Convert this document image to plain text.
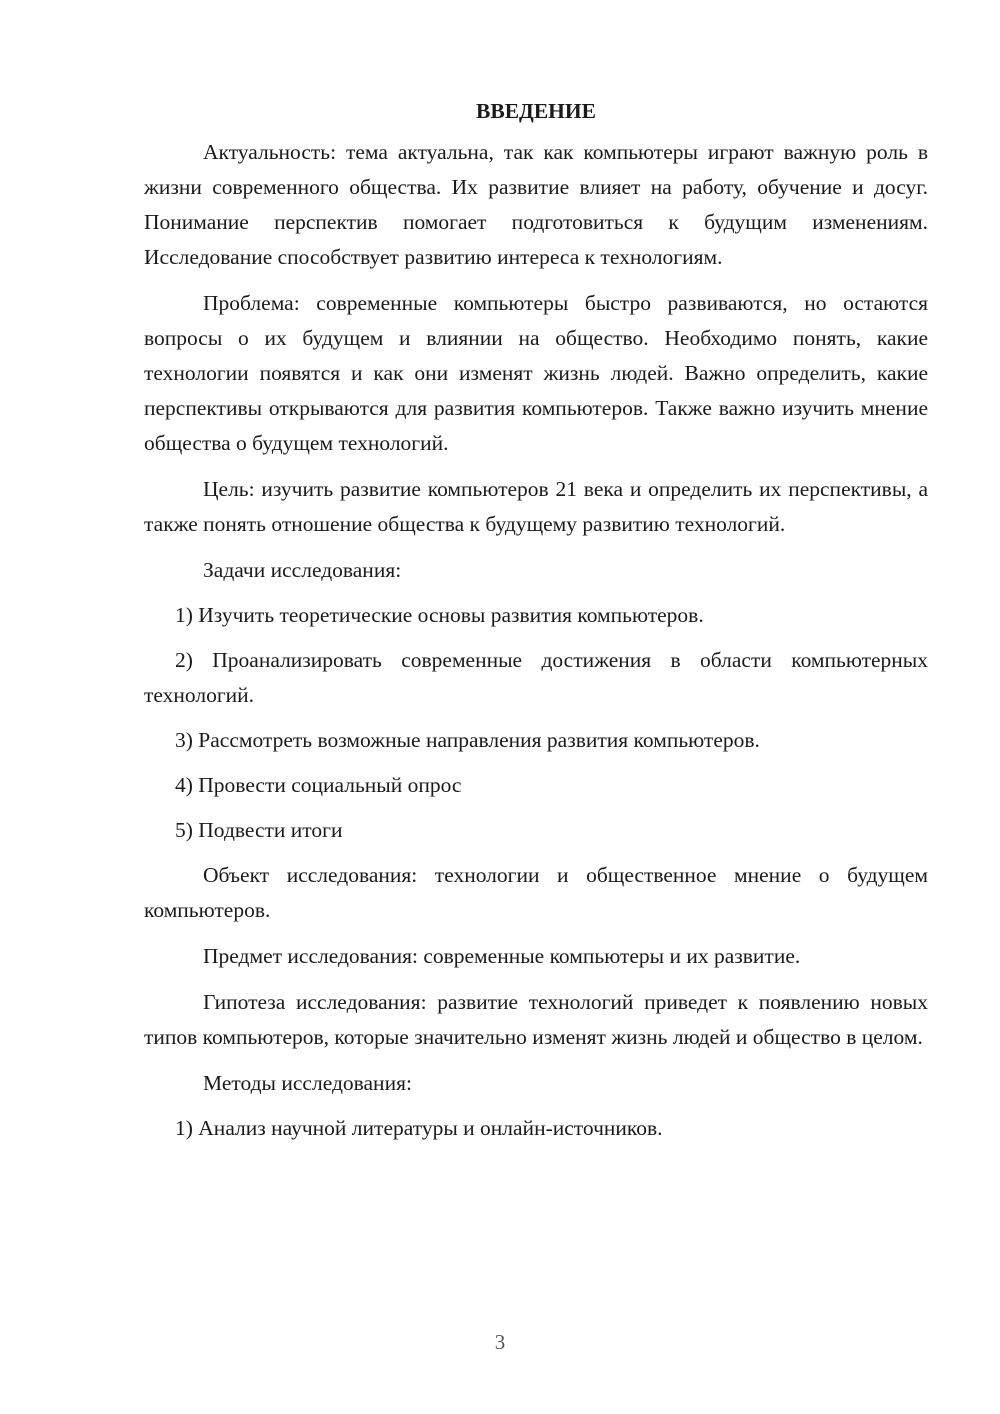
ВВЕДЕНИЕ

Актуальность: тема актуальна, так как компьютеры играют важную роль в жизни современного общества. Их развитие влияет на работу, обучение и досуг. Понимание перспектив помогает подготовиться к будущим изменениям. Исследование способствует развитию интереса к технологиям.

Проблема: современные компьютеры быстро развиваются, но остаются вопросы о их будущем и влиянии на общество. Необходимо понять, какие технологии появятся и как они изменят жизнь людей. Важно определить, какие перспективы открываются для развития компьютеров. Также важно изучить мнение общества о будущем технологий.

Цель: изучить развитие компьютеров 21 века и определить их перспективы, а также понять отношение общества к будущему развитию технологий.

Задачи исследования:

1) Изучить теоретические основы развития компьютеров.

2) Проанализировать современные достижения в области компьютерных технологий.

3) Рассмотреть возможные направления развития компьютеров.

4) Провести социальный опрос

5) Подвести итоги

Объект исследования: технологии и общественное мнение о будущем компьютеров.

Предмет исследования: современные компьютеры и их развитие.

Гипотеза исследования: развитие технологий приведет к появлению новых типов компьютеров, которые значительно изменят жизнь людей и общество в целом.

Методы исследования:

1) Анализ научной литературы и онлайн-источников.

3
